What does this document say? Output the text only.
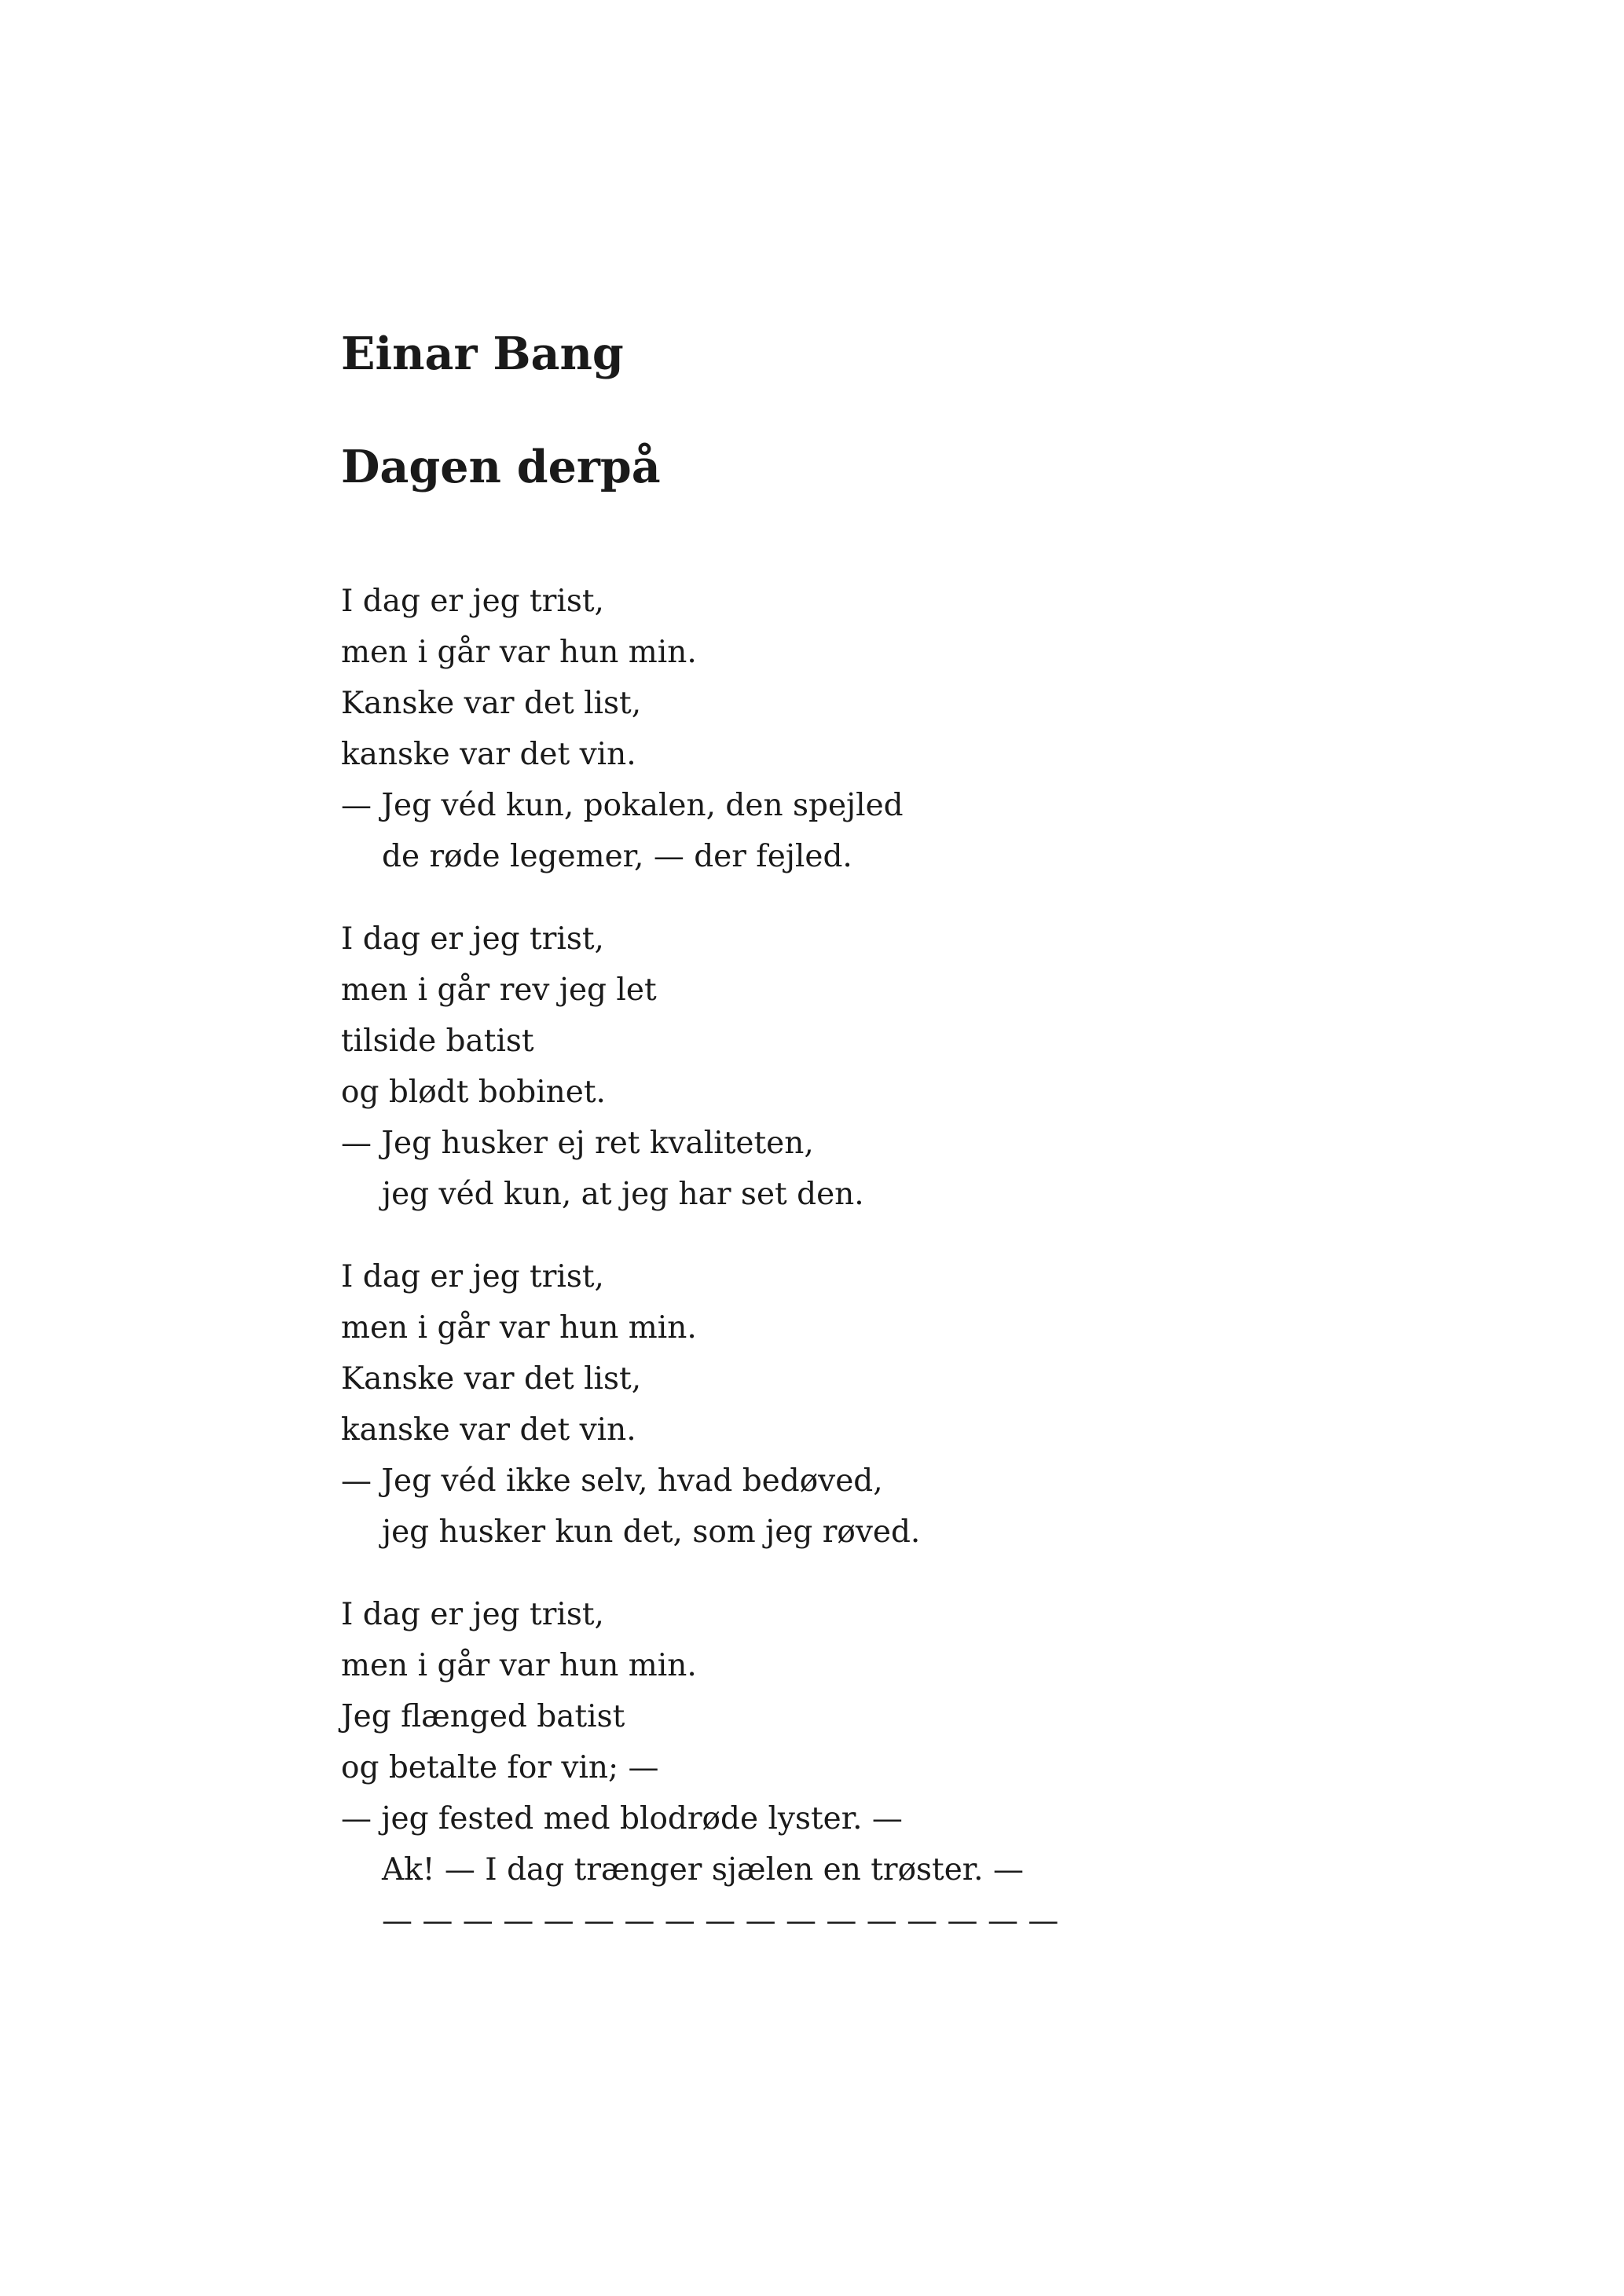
Einar Bang
Dagen derpå
I dag er jeg trist,
men i går var hun min.
Kanske var det list,
kanske var det vin.
— Jeg véd kun, pokalen, den spejled
de røde legemer, — der fejled.
I dag er jeg trist,
men i går rev jeg let
tilside batist
og blødt bobinet.
— Jeg husker ej ret kvaliteten,
jeg véd kun, at jeg har set den.
I dag er jeg trist,
men i går var hun min.
Kanske var det list,
kanske var det vin.
— Jeg véd ikke selv, hvad bedøved,
jeg husker kun det, som jeg røved.
I dag er jeg trist,
men i går var hun min.
Jeg flænged batist
og betalte for vin; —
— jeg fested med blodrøde lyster. —
Ak! — I dag trænger sjælen en trøster. —
— — — — — — — — — — — — — — — — —
